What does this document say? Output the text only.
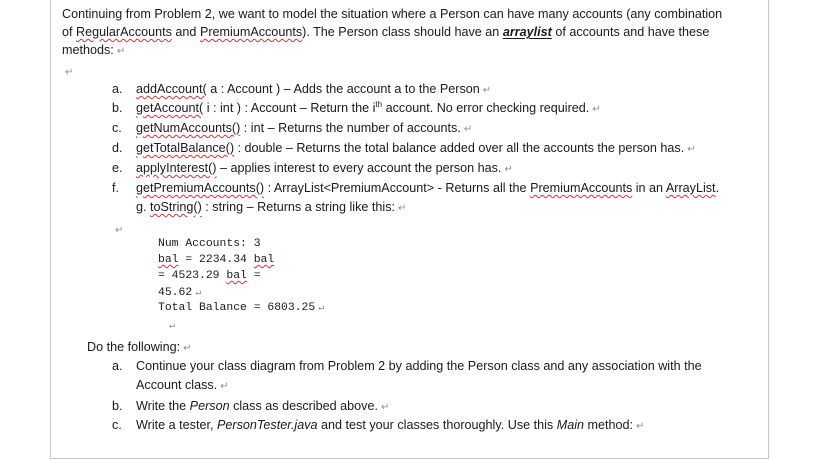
Continuing from Problem 2, we want to model the situation where a Person can have many accounts (any combination
of RegularAccounts and PremiumAccounts). The Person class should have an arraylist of accounts and have these
methods: ↵
↵
a. addAccount( a : Account ) – Adds the account a to the Person ↵
b. getAccount( i : int ) : Account – Return the $i^{th}$ account. No error checking required. ↵
c. getNumAccounts() : int – Returns the number of accounts. ↵
d. getTotalBalance() : double – Returns the total balance added over all the accounts the person has. ↵
e. applyInterest() – applies interest to every account the person has. ↵
f. getPremiumAccounts() : ArrayList<PremiumAccount> - Returns all the PremiumAccounts in an ArrayList.
g. toString() : string – Returns a string like this: ↵
↵
Num Accounts: 3
bal = 2234.34 bal
= 4523.29 bal =
45.62 ↵
Total Balance = 6803.25 ↵
↵
Do the following: ↵
a. Continue your class diagram from Problem 2 by adding the Person class and any association with the
Account class. ↵
b. Write the Person class as described above. ↵
c. Write a tester, PersonTester.java and test your classes thoroughly. Use this Main method: ↵
